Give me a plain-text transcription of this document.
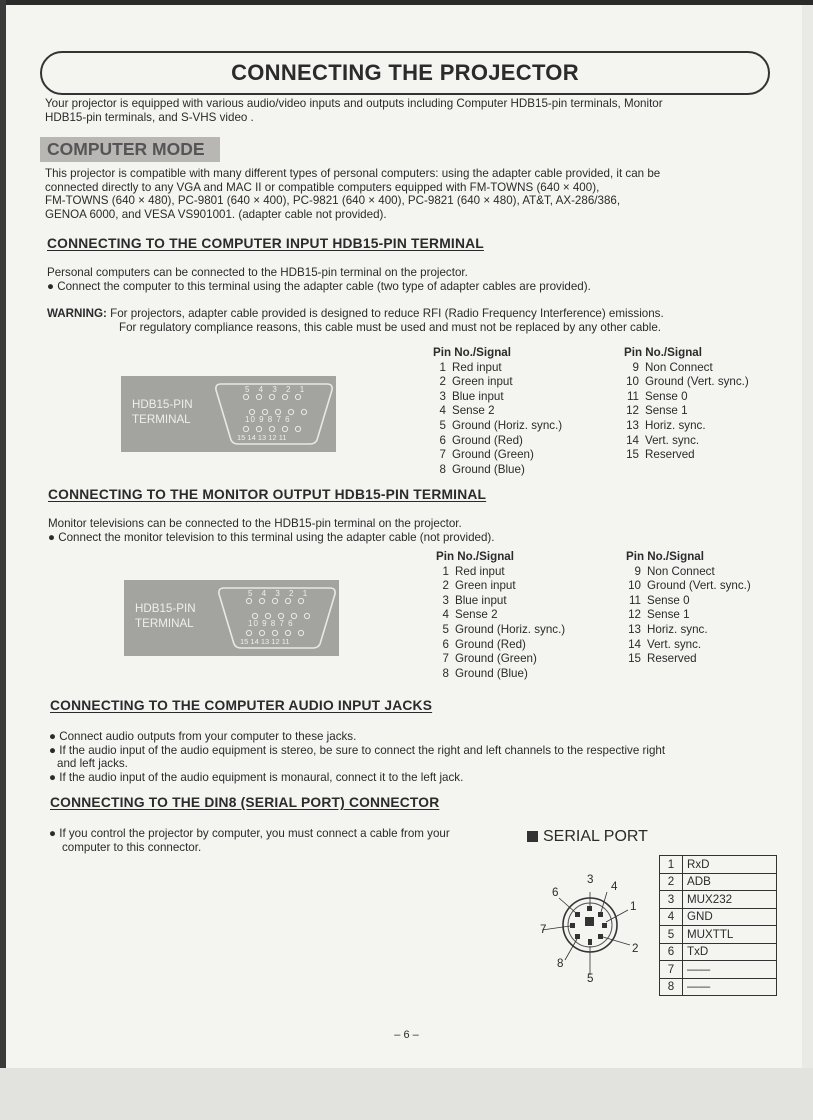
CONNECTING THE PROJECTOR
Your projector is equipped with various audio/video inputs and outputs including Computer HDB15-pin terminals, Monitor
HDB15-pin terminals, and S-VHS video .
COMPUTER MODE
This projector is compatible with many different types of personal computers: using the adapter cable provided, it can be
connected directly to any VGA and MAC II or compatible computers equipped with FM-TOWNS (640 × 400),
FM-TOWNS (640 × 480), PC-9801 (640 × 400), PC-9821 (640 × 400), PC-9821 (640 × 480), AT&T, AX-286/386,
GENOA 6000, and VESA VS901001. (adapter cable not provided).
CONNECTING TO THE COMPUTER INPUT HDB15-PIN TERMINAL
Personal computers can be connected to the HDB15-pin terminal on the projector.
● Connect the computer to this terminal using the adapter cable (two type of adapter cables are provided).
WARNING: For projectors, adapter cable provided is designed to reduce RFI (Radio Frequency Interference) emissions.
For regulatory compliance reasons, this cable must be used and must not be replaced by any other cable.
HDB15-PIN
TERMINAL
5 4 3 2 1
10 9 8 7 6
15 14 13 12 11
Pin No./Signal
1 Red input
2 Green input
3 Blue input
4 Sense 2
5 Ground (Horiz. sync.)
6 Ground (Red)
7 Ground (Green)
8 Ground (Blue)
Pin No./Signal
9 Non Connect
10 Ground (Vert. sync.)
11 Sense 0
12 Sense 1
13 Horiz. sync.
14 Vert. sync.
15 Reserved
CONNECTING TO THE MONITOR OUTPUT HDB15-PIN TERMINAL
Monitor televisions can be connected to the HDB15-pin terminal on the projector.
● Connect the monitor television to this terminal using the adapter cable (not provided).
HDB15-PIN
TERMINAL
5 4 3 2 1
10 9 8 7 6
15 14 13 12 11
Pin No./Signal
1 Red input
2 Green input
3 Blue input
4 Sense 2
5 Ground (Horiz. sync.)
6 Ground (Red)
7 Ground (Green)
8 Ground (Blue)
Pin No./Signal
9 Non Connect
10 Ground (Vert. sync.)
11 Sense 0
12 Sense 1
13 Horiz. sync.
14 Vert. sync.
15 Reserved
CONNECTING TO THE COMPUTER AUDIO INPUT JACKS
● Connect audio outputs from your computer to these jacks.
● If the audio input of the audio equipment is stereo, be sure to connect the right and left channels to the respective right
and left jacks.
● If the audio input of the audio equipment is monaural, connect it to the left jack.
CONNECTING TO THE DIN8 (SERIAL PORT) CONNECTOR
● If you control the projector by computer, you must connect a cable from your
computer to this connector.
SERIAL PORT
3
4
6
1
7
2
8
5
1	RxD
2	ADB
3	MUX232
4	GND
5	MUXTTL
6	TxD
7	——
8	——
– 6 –
